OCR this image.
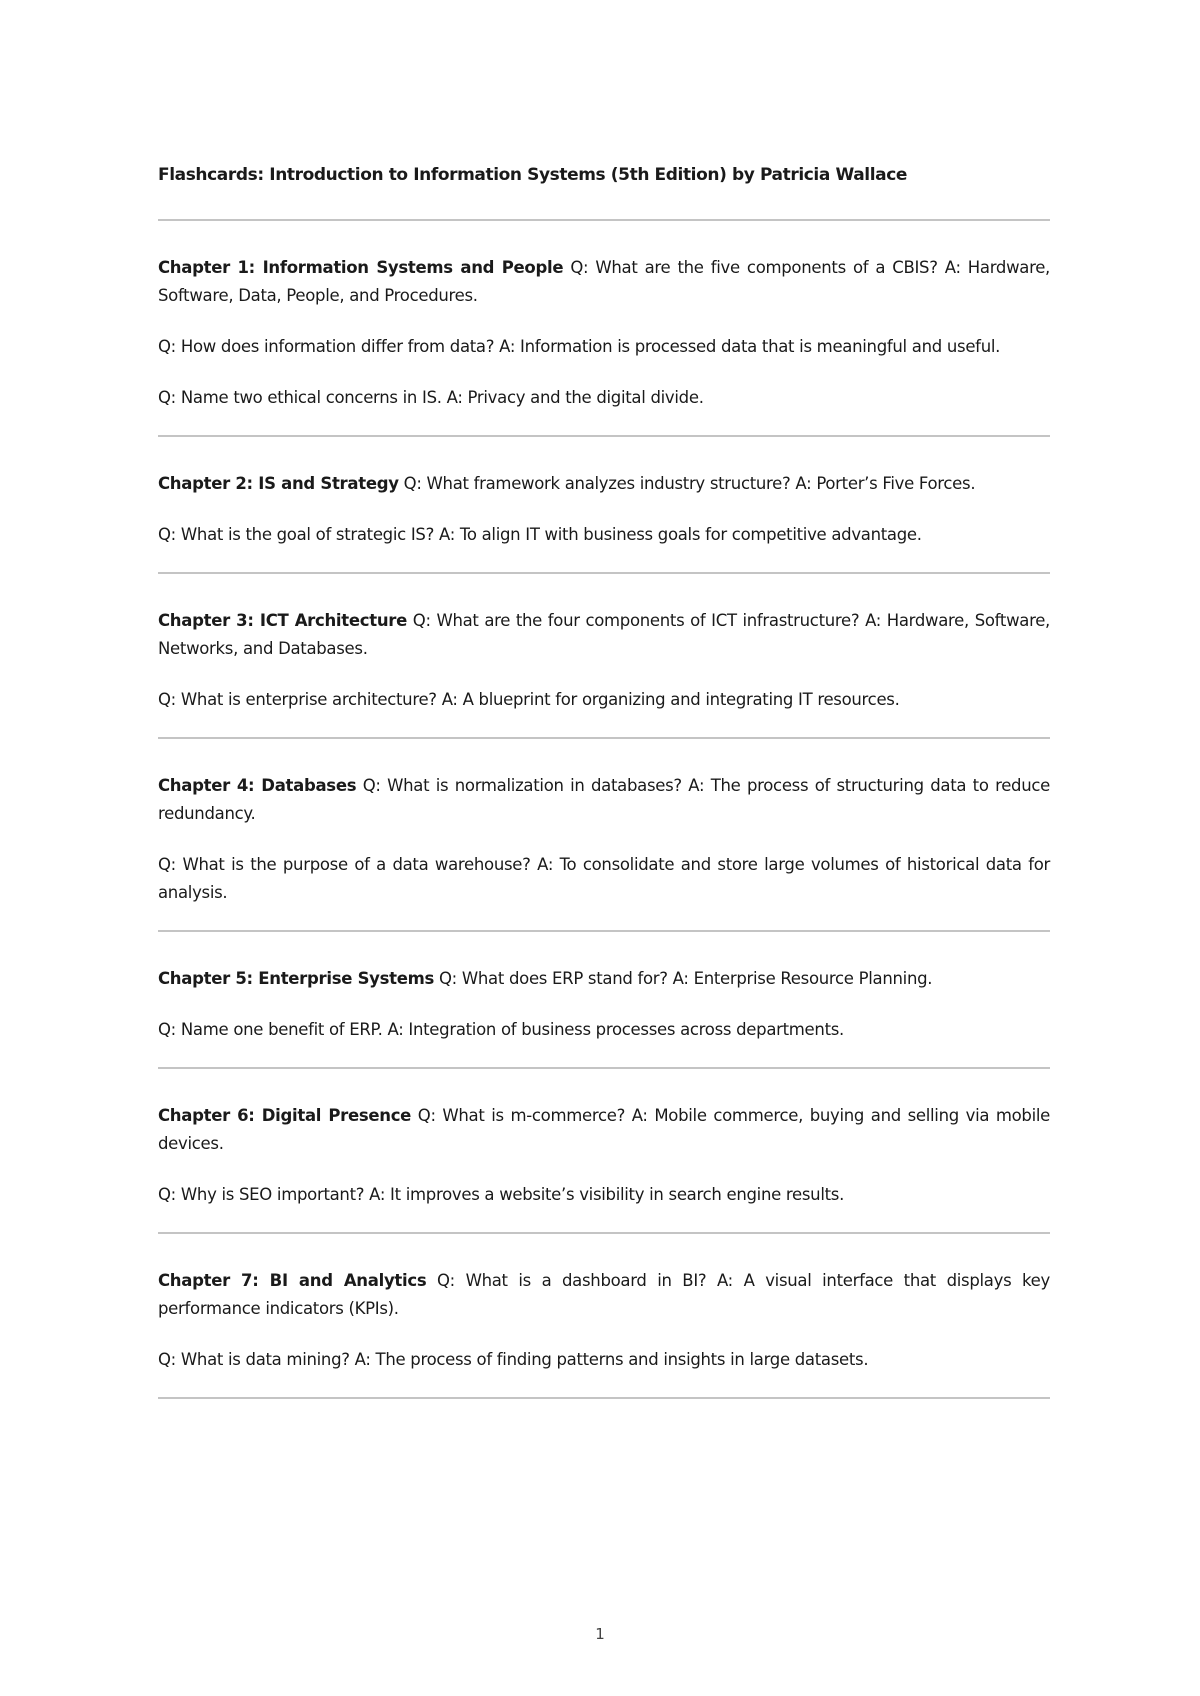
Flashcards: Introduction to Information Systems (5th Edition) by Patricia Wallace

Chapter 1: Information Systems and People Q: What are the five components of a CBIS? A: Hardware, Software, Data, People, and Procedures.

Q: How does information differ from data? A: Information is processed data that is meaningful and useful.

Q: Name two ethical concerns in IS. A: Privacy and the digital divide.

Chapter 2: IS and Strategy Q: What framework analyzes industry structure? A: Porter’s Five Forces.

Q: What is the goal of strategic IS? A: To align IT with business goals for competitive advantage.

Chapter 3: ICT Architecture Q: What are the four components of ICT infrastructure? A: Hardware, Software, Networks, and Databases.

Q: What is enterprise architecture? A: A blueprint for organizing and integrating IT resources.

Chapter 4: Databases Q: What is normalization in databases? A: The process of structuring data to reduce redundancy.

Q: What is the purpose of a data warehouse? A: To consolidate and store large volumes of historical data for analysis.

Chapter 5: Enterprise Systems Q: What does ERP stand for? A: Enterprise Resource Planning.

Q: Name one benefit of ERP. A: Integration of business processes across departments.

Chapter 6: Digital Presence Q: What is m-commerce? A: Mobile commerce, buying and selling via mobile devices.

Q: Why is SEO important? A: It improves a website’s visibility in search engine results.

Chapter 7: BI and Analytics Q: What is a dashboard in BI? A: A visual interface that displays key performance indicators (KPIs).

Q: What is data mining? A: The process of finding patterns and insights in large datasets.

1
